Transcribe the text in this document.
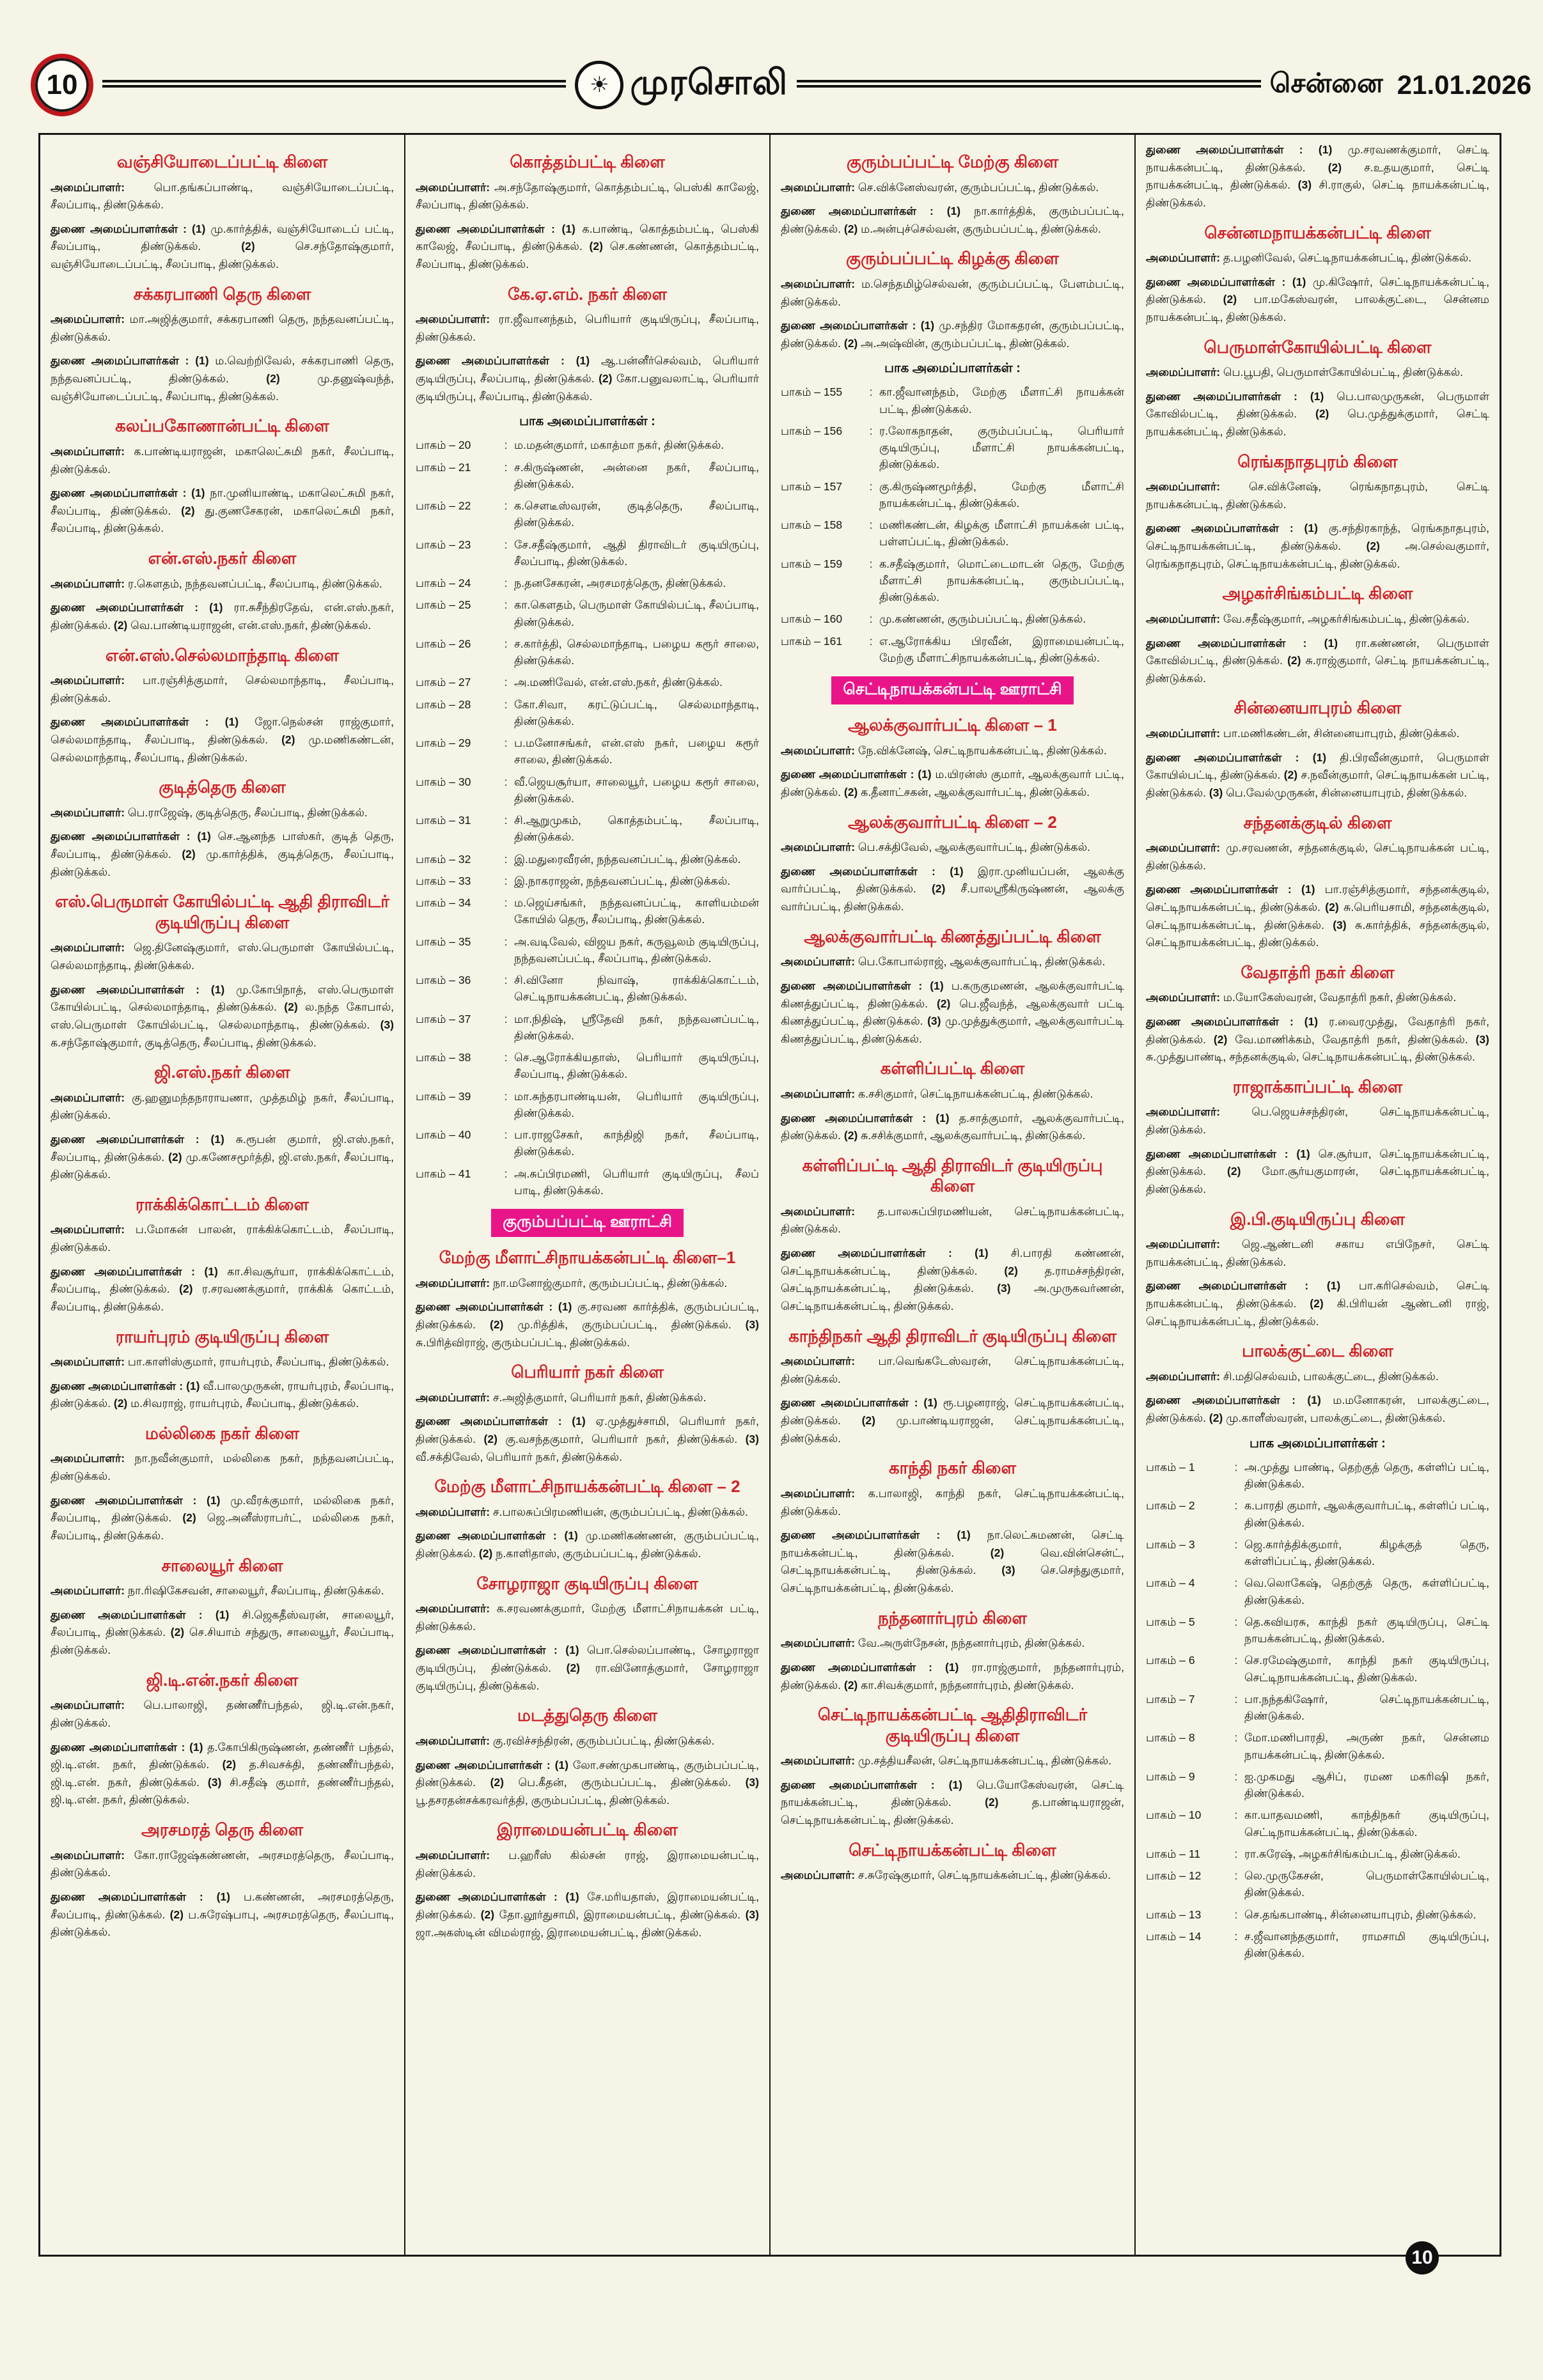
10	☀ முரசொலி	சென்னை 21.01.2026
வஞ்சியோடைப்பட்டி கிளை

அமைப்பாளர்: பொ.தங்கப்பாண்டி, வஞ்சியோடைப்பட்டி, சீலப்பாடி, திண்டுக்கல்.

துணை அமைப்பாளர்கள் : (1) மு.கார்த்திக், வஞ்சியோடைப் பட்டி, சீலப்பாடி, திண்டுக்கல். (2) செ.சந்தோஷ்குமார், வஞ்சியோடைப்பட்டி, சீலப்பாடி, திண்டுக்கல்.

சக்கரபாணி தெரு கிளை

அமைப்பாளர்: மா.அஜித்குமார், சக்கரபாணி தெரு, நந்தவனப்பட்டி, திண்டுக்கல்.

துணை அமைப்பாளர்கள் : (1) ம.வெற்றிவேல், சக்கரபாணி தெரு, நந்தவனப்பட்டி, திண்டுக்கல். (2) மு.தனுஷ்வந்த், வஞ்சியோடைப்பட்டி, சீலப்பாடி, திண்டுக்கல்.

கலப்பகோணான்பட்டி கிளை

அமைப்பாளர்: க.பாண்டியராஜன், மகாலெட்சுமி நகர், சீலப்பாடி, திண்டுக்கல்.

துணை அமைப்பாளர்கள் : (1) நா.முனியாண்டி, மகாலெட்சுமி நகர், சீலப்பாடி, திண்டுக்கல். (2) து.குணசேகரன், மகாலெட்சுமி நகர், சீலப்பாடி, திண்டுக்கல்.

என்.எஸ்.நகர் கிளை

அமைப்பாளர்: ர.கௌதம், நந்தவனப்பட்டி, சீலப்பாடி, திண்டுக்கல்.

துணை அமைப்பாளர்கள் : (1) ரா.சுசீந்திரதேவ், என்.எஸ்.நகர், திண்டுக்கல். (2) வெ.பாண்டியராஜன், என்.எஸ்.நகர், திண்டுக்கல்.

என்.எஸ்.செல்லமாந்தாடி கிளை

அமைப்பாளர்: பா.ரஞ்சித்குமார், செல்லமாந்தாடி, சீலப்பாடி, திண்டுக்கல்.

துணை அமைப்பாளர்கள் : (1) ஜோ.நெல்சன் ராஜ்குமார், செல்லமாந்தாடி, சீலப்பாடி, திண்டுக்கல். (2) மு.மணிகண்டன், செல்லமாந்தாடி, சீலப்பாடி, திண்டுக்கல்.

குடித்தெரு கிளை

அமைப்பாளர்: பெ.ராஜேஷ், குடித்தெரு, சீலப்பாடி, திண்டுக்கல்.

துணை அமைப்பாளர்கள் : (1) செ.ஆனந்த பாஸ்கர், குடித் தெரு, சீலப்பாடி, திண்டுக்கல். (2) மு.கார்த்திக், குடித்தெரு, சீலப்பாடி, திண்டுக்கல்.

எஸ்.பெருமாள் கோயில்பட்டி ஆதி திராவிடர் குடியிருப்பு கிளை

அமைப்பாளர்: ஜெ.தினேஷ்குமார், எஸ்.பெருமாள் கோயில்பட்டி, செல்லமாந்தாடி, திண்டுக்கல்.

துணை அமைப்பாளர்கள் : (1) மு.கோபிநாத், எஸ்.பெருமாள் கோயில்பட்டி, செல்லமாந்தாடி, திண்டுக்கல். (2) ல.நந்த கோபால், எஸ்.பெருமாள் கோயில்பட்டி, செல்லமாந்தாடி, திண்டுக்கல். (3) க.சந்தோஷ்குமார், குடித்தெரு, சீலப்பாடி, திண்டுக்கல்.

ஜி.எஸ்.நகர் கிளை

அமைப்பாளர்: கு.ஹனுமந்தநாராயணா, முத்தமிழ் நகர், சீலப்பாடி, திண்டுக்கல்.

துணை அமைப்பாளர்கள் : (1) சு.ரூபன் குமார், ஜி.எஸ்.நகர், சீலப்பாடி, திண்டுக்கல். (2) மு.கணேசமூர்த்தி, ஜி.எஸ்.நகர், சீலப்பாடி, திண்டுக்கல்.

ராக்கிக்கொட்டம் கிளை

அமைப்பாளர்: ப.மோகன் பாலன், ராக்கிக்கொட்டம், சீலப்பாடி, திண்டுக்கல்.

துணை அமைப்பாளர்கள் : (1) கா.சிவசூர்யா, ராக்கிக்கொட்டம், சீலப்பாடி, திண்டுக்கல். (2) ர.சரவணக்குமார், ராக்கிக் கொட்டம், சீலப்பாடி, திண்டுக்கல்.

ராயர்புரம் குடியிருப்பு கிளை

அமைப்பாளர்: பா.காளிஸ்குமார், ராயர்புரம், சீலப்பாடி, திண்டுக்கல்.

துணை அமைப்பாளர்கள் : (1) வீ.பாலமுருகன், ராயர்புரம், சீலப்பாடி, திண்டுக்கல். (2) ம.சிவராஜ், ராயர்புரம், சீலப்பாடி, திண்டுக்கல்.

மல்லிகை நகர் கிளை

அமைப்பாளர்: நா.நவீன்குமார், மல்லிகை நகர், நந்தவனப்பட்டி, திண்டுக்கல்.

துணை அமைப்பாளர்கள் : (1) மு.வீரக்குமார், மல்லிகை நகர், சீலப்பாடி, திண்டுக்கல். (2) ஜெ.அனீஸ்ராபர்ட், மல்லிகை நகர், சீலப்பாடி, திண்டுக்கல்.

சாலையூர் கிளை

அமைப்பாளர்: நா.ரிஷிகேசவன், சாலையூர், சீலப்பாடி, திண்டுக்கல்.

துணை அமைப்பாளர்கள் : (1) சி.ஜெகதீஸ்வரன், சாலையூர், சீலப்பாடி, திண்டுக்கல். (2) செ.சியாம் சந்துரு, சாலையூர், சீலப்பாடி, திண்டுக்கல்.

ஜி.டி.என்.நகர் கிளை

அமைப்பாளர்: பெ.பாலாஜி, தண்ணீர்பந்தல், ஜி.டி.என்.நகர், திண்டுக்கல்.

துணை அமைப்பாளர்கள் : (1) த.கோபிகிருஷ்ணன், தண்ணீர் பந்தல், ஜி.டி.என். நகர், திண்டுக்கல். (2) த.சிவசக்தி, தண்ணீர்பந்தல், ஜி.டி.என். நகர், திண்டுக்கல். (3) சி.சதீஷ் குமார், தண்ணீர்பந்தல், ஜி.டி.என். நகர், திண்டுக்கல்.

அரசமரத் தெரு கிளை

அமைப்பாளர்: கோ.ராஜேஷ்கண்ணன், அரசமரத்தெரு, சீலப்பாடி, திண்டுக்கல்.

துணை அமைப்பாளர்கள் : (1) ப.கண்ணன், அரசமரத்தெரு, சீலப்பாடி, திண்டுக்கல். (2) ப.சுரேஷ்பாபு, அரசமரத்தெரு, சீலப்பாடி, திண்டுக்கல்.

கொத்தம்பட்டி கிளை

அமைப்பாளர்: அ.சந்தோஷ்குமார், கொத்தம்பட்டி, பெஸ்கி காலேஜ், சீலப்பாடி, திண்டுக்கல்.

துணை அமைப்பாளர்கள் : (1) க.பாண்டி, கொத்தம்பட்டி, பெஸ்கி காலேஜ், சீலப்பாடி, திண்டுக்கல். (2) செ.கண்ணன், கொத்தம்பட்டி, சீலப்பாடி, திண்டுக்கல்.

கே.ஏ.எம். நகர் கிளை

அமைப்பாளர்: ரா.ஜீவானந்தம், பெரியார் குடியிருப்பு, சீலப்பாடி, திண்டுக்கல்.

துணை அமைப்பாளர்கள் : (1) ஆ.பன்னீர்செல்வம், பெரியார் குடியிருப்பு, சீலப்பாடி, திண்டுக்கல். (2) கோ.பனுவலாட்டி, பெரியார் குடியிருப்பு, சீலப்பாடி, திண்டுக்கல்.

பாக அமைப்பாளர்கள் :
பாகம் – 20	: ம.மதன்குமார், மகாத்மா நகர், திண்டுக்கல்.
பாகம் – 21	: ச.கிருஷ்ணன், அன்னை நகர், சீலப்பாடி, திண்டுக்கல்.
பாகம் – 22	: க.சௌடீஸ்வரன், குடித்தெரு, சீலப்பாடி, திண்டுக்கல்.
பாகம் – 23	: சே.சதீஷ்குமார், ஆதி திராவிடர் குடியிருப்பு, சீலப்பாடி, திண்டுக்கல்.
பாகம் – 24	: ந.தனசேகரன், அரசமரத்தெரு, திண்டுக்கல்.
பாகம் – 25	: கா.கௌதம், பெருமாள் கோயில்பட்டி, சீலப்பாடி, திண்டுக்கல்.
பாகம் – 26	: ச.கார்த்தி, செல்லமாந்தாடி, பழைய கரூர் சாலை, திண்டுக்கல்.
பாகம் – 27	: அ.மணிவேல், என்.எஸ்.நகர், திண்டுக்கல்.
பாகம் – 28	: கோ.சிவா, கரட்டுப்பட்டி, செல்லமாந்தாடி, திண்டுக்கல்.
பாகம் – 29	: ப.மனோசங்கர், என்.எஸ் நகர், பழைய கரூர் சாலை, திண்டுக்கல்.
பாகம் – 30	: வீ.ஜெயசூர்யா, சாலையூர், பழைய கரூர் சாலை, திண்டுக்கல்.
பாகம் – 31	: சி.ஆறுமுகம், கொத்தம்பட்டி, சீலப்பாடி, திண்டுக்கல்.
பாகம் – 32	: இ.மதுரைவீரன், நந்தவனப்பட்டி, திண்டுக்கல்.
பாகம் – 33	: இ.நாகராஜன், நந்தவனப்பட்டி, திண்டுக்கல்.
பாகம் – 34	: ம.ஜெய்சங்கர், நந்தவனப்பட்டி, காளியம்மன் கோயில் தெரு, சீலப்பாடி, திண்டுக்கல்.
பாகம் – 35	: அ.வடிவேல், விஜய நகர், கருவூலம் குடியிருப்பு, நந்தவனப்பட்டி, சீலப்பாடி, திண்டுக்கல்.
பாகம் – 36	: சி.வினோ நிவாஷ், ராக்கிக்கொட்டம், செட்டிநாயக்கன்பட்டி, திண்டுக்கல்.
பாகம் – 37	: மா.நிதிஷ், ஸ்ரீதேவி நகர், நந்தவனப்பட்டி, திண்டுக்கல்.
பாகம் – 38	: செ.ஆரோக்கியதாஸ், பெரியார் குடியிருப்பு, சீலப்பாடி, திண்டுக்கல்.
பாகம் – 39	: மா.சுந்தரபாண்டியன், பெரியார் குடியிருப்பு, திண்டுக்கல்.
பாகம் – 40	: பா.ராஜசேகர், காந்திஜி நகர், சீலப்பாடி, திண்டுக்கல்.
பாகம் – 41	: அ.சுப்பிரமணி, பெரியார் குடியிருப்பு, சீலப் பாடி, திண்டுக்கல்.
குரும்பப்பட்டி ஊராட்சி
மேற்கு மீளாட்சிநாயக்கன்பட்டி கிளை–1

அமைப்பாளர்: நா.மனோஜ்குமார், குரும்பப்பட்டி, திண்டுக்கல்.

துணை அமைப்பாளர்கள் : (1) கு.சரவண கார்த்திக், குரும்பப்பட்டி, திண்டுக்கல். (2) மு.ரித்திக், குரும்பப்பட்டி, திண்டுக்கல். (3) சு.பிரித்விராஜ், குரும்பப்பட்டி, திண்டுக்கல்.

பெரியார் நகர் கிளை

அமைப்பாளர்: ச.அஜித்குமார், பெரியார் நகர், திண்டுக்கல்.

துணை அமைப்பாளர்கள் : (1) ஏ.முத்துச்சாமி, பெரியார் நகர், திண்டுக்கல். (2) கு.வசந்தகுமார், பெரியார் நகர், திண்டுக்கல். (3) வீ.சக்திவேல், பெரியார் நகர், திண்டுக்கல்.

மேற்கு மீளாட்சிநாயக்கன்பட்டி கிளை – 2

அமைப்பாளர்: ச.பாலசுப்பிரமணியன், குரும்பப்பட்டி, திண்டுக்கல்.

துணை அமைப்பாளர்கள் : (1) மு.மணிகண்ணன், குரும்பப்பட்டி, திண்டுக்கல். (2) ந.காளிதாஸ், குரும்பப்பட்டி, திண்டுக்கல்.

சோழராஜா குடியிருப்பு கிளை

அமைப்பாளர்: க.சரவணக்குமார், மேற்கு மீளாட்சிநாயக்கன் பட்டி, திண்டுக்கல்.

துணை அமைப்பாளர்கள் : (1) பொ.செல்லப்பாண்டி, சோழராஜா குடியிருப்பு, திண்டுக்கல். (2) ரா.வினோத்குமார், சோழராஜா குடியிருப்பு, திண்டுக்கல்.

மடத்துதெரு கிளை

அமைப்பாளர்: கு.ரவிச்சந்திரன், குரும்பப்பட்டி, திண்டுக்கல்.

துணை அமைப்பாளர்கள் : (1) லோ.சண்முகபாண்டி, குரும்பப்பட்டி, திண்டுக்கல். (2) பெ.கீதன், குரும்பப்பட்டி, திண்டுக்கல். (3) பூ.தசரதன்சக்கரவர்த்தி, குரும்பப்பட்டி, திண்டுக்கல்.

இராமையன்பட்டி கிளை

அமைப்பாளர்: ப.ஹரீஸ் கில்சன் ராஜ், இராமையன்பட்டி, திண்டுக்கல்.

துணை அமைப்பாளர்கள் : (1) சே.மரியதாஸ், இராமையன்பட்டி, திண்டுக்கல். (2) தோ.லூர்துசாமி, இராமையன்பட்டி, திண்டுக்கல். (3) ஜா.அகஸ்டின் விமல்ராஜ், இராமையன்பட்டி, திண்டுக்கல்.

குரும்பப்பட்டி மேற்கு கிளை

அமைப்பாளர்: செ.விக்னேஸ்வரன், குரும்பப்பட்டி, திண்டுக்கல்.

துணை அமைப்பாளர்கள் : (1) நா.கார்த்திக், குரும்பப்பட்டி, திண்டுக்கல். (2) ம.அன்புச்செல்வன், குரும்பப்பட்டி, திண்டுக்கல்.

குரும்பப்பட்டி கிழக்கு கிளை

அமைப்பாளர்: ம.செந்தமிழ்செல்வன், குரும்பப்பட்டி, பேளம்பட்டி, திண்டுக்கல்.

துணை அமைப்பாளர்கள் : (1) மு.சந்திர மோகதரன், குரும்பப்பட்டி, திண்டுக்கல். (2) அ.அஷ்வின், குரும்பப்பட்டி, திண்டுக்கல்.

பாக அமைப்பாளர்கள் :
பாகம் – 155	: கா.ஜீவானந்தம், மேற்கு மீளாட்சி நாயக்கன் பட்டி, திண்டுக்கல்.
பாகம் – 156	: ர.லோகநாதன், குரும்பப்பட்டி, பெரியார் குடியிருப்பு, மீளாட்சி நாயக்கன்பட்டி, திண்டுக்கல்.
பாகம் – 157	: கு.கிருஷ்ணமூர்த்தி, மேற்கு மீளாட்சி நாயக்கன்பட்டி, திண்டுக்கல்.
பாகம் – 158	: மணிகண்டன், கிழக்கு மீளாட்சி நாயக்கன் பட்டி, பள்ளப்பட்டி, திண்டுக்கல்.
பாகம் – 159	: க.சதீஷ்குமார், மொட்டைமாடன் தெரு, மேற்கு மீளாட்சி நாயக்கன்பட்டி, குரும்பப்பட்டி, திண்டுக்கல்.
பாகம் – 160	: மு.கண்ணன், குரும்பப்பட்டி, திண்டுக்கல்.
பாகம் – 161	: எ.ஆரோக்கிய பிரவீன், இராமையன்பட்டி, மேற்கு மீளாட்சிநாயக்கன்பட்டி, திண்டுக்கல்.
செட்டிநாயக்கன்பட்டி ஊராட்சி
ஆலக்குவார்பட்டி கிளை – 1

அமைப்பாளர்: நே.விக்னேஷ், செட்டிநாயக்கன்பட்டி, திண்டுக்கல்.

துணை அமைப்பாளர்கள் : (1) ம.யிரன்ஸ் குமார், ஆலக்குவார் பட்டி, திண்டுக்கல். (2) க.தீனாட்சகன், ஆலக்குவார்பட்டி, திண்டுக்கல்.

ஆலக்குவார்பட்டி கிளை – 2

அமைப்பாளர்: பெ.சக்திவேல், ஆலக்குவார்பட்டி, திண்டுக்கல்.

துணை அமைப்பாளர்கள் : (1) இரா.முனியப்பன், ஆலக்கு வார்ப்பட்டி, திண்டுக்கல். (2) சீ.பாலஸ்ரீகிருஷ்ணன், ஆலக்கு வார்ப்பட்டி, திண்டுக்கல்.

ஆலக்குவார்பட்டி கிணத்துப்பட்டி கிளை

அமைப்பாளர்: பெ.கோபால்ராஜ், ஆலக்குவார்பட்டி, திண்டுக்கல்.

துணை அமைப்பாளர்கள் : (1) ப.கருகுமணன், ஆலக்குவார்பட்டி கிணத்துப்பட்டி, திண்டுக்கல். (2) பெ.ஜீவந்த், ஆலக்குவார் பட்டி கிணத்துப்பட்டி, திண்டுக்கல். (3) மு.முத்துக்குமார், ஆலக்குவார்பட்டி கிணத்துப்பட்டி, திண்டுக்கல்.

கள்ளிப்பட்டி கிளை

அமைப்பாளர்: க.சசிகுமார், செட்டிநாயக்கன்பட்டி, திண்டுக்கல்.

துணை அமைப்பாளர்கள் : (1) த.சாத்குமார், ஆலக்குவார்பட்டி, திண்டுக்கல். (2) சு.சசிக்குமார், ஆலக்குவார்பட்டி, திண்டுக்கல்.

கள்ளிப்பட்டி ஆதி திராவிடர் குடியிருப்பு கிளை

அமைப்பாளர்: த.பாலசுப்பிரமணியன், செட்டிநாயக்கன்பட்டி, திண்டுக்கல்.

துணை அமைப்பாளர்கள் : (1) சி.பாரதி கண்ணன், செட்டிநாயக்கன்பட்டி, திண்டுக்கல். (2) த.ராமச்சந்திரன், செட்டிநாயக்கன்பட்டி, திண்டுக்கல். (3) அ.முருகவர்ணன், செட்டிநாயக்கன்பட்டி, திண்டுக்கல்.

காந்திநகர் ஆதி திராவிடர் குடியிருப்பு கிளை

அமைப்பாளர்: பா.வெங்கடேஸ்வரன், செட்டிநாயக்கன்பட்டி, திண்டுக்கல்.

துணை அமைப்பாளர்கள் : (1) ரூ.பழனராஜ், செட்டிநாயக்கன்பட்டி, திண்டுக்கல். (2) மு.பாண்டியராஜன், செட்டிநாயக்கன்பட்டி, திண்டுக்கல்.

காந்தி நகர் கிளை

அமைப்பாளர்: க.பாலாஜி, காந்தி நகர், செட்டிநாயக்கன்பட்டி, திண்டுக்கல்.

துணை அமைப்பாளர்கள் : (1) நா.லெட்சுமணன், செட்டி நாயக்கன்பட்டி, திண்டுக்கல். (2) வெ.வின்சென்ட், செட்டிநாயக்கன்பட்டி, திண்டுக்கல். (3) செ.செந்துகுமார், செட்டிநாயக்கன்பட்டி, திண்டுக்கல்.

நந்தனார்புரம் கிளை

அமைப்பாளர்: வே.அருள்நேசன், நந்தனார்புரம், திண்டுக்கல்.

துணை அமைப்பாளர்கள் : (1) ரா.ராஜ்குமார், நந்தனார்புரம், திண்டுக்கல். (2) கா.சிவக்குமார், நந்தனார்புரம், திண்டுக்கல்.

செட்டிநாயக்கன்பட்டி ஆதிதிராவிடர் குடியிருப்பு கிளை

அமைப்பாளர்: மு.சத்தியசீலன், செட்டிநாயக்கன்பட்டி, திண்டுக்கல்.

துணை அமைப்பாளர்கள் : (1) பெ.யோகேஸ்வரன், செட்டி நாயக்கன்பட்டி, திண்டுக்கல். (2) த.பாண்டியராஜன், செட்டிநாயக்கன்பட்டி, திண்டுக்கல்.

செட்டிநாயக்கன்பட்டி கிளை

அமைப்பாளர்: ச.சுரேஷ்குமார், செட்டிநாயக்கன்பட்டி, திண்டுக்கல்.

துணை அமைப்பாளர்கள் : (1) மு.சரவணக்குமார், செட்டி நாயக்கன்பட்டி, திண்டுக்கல். (2) ச.உதயகுமார், செட்டி நாயக்கன்பட்டி, திண்டுக்கல். (3) சி.ராகுல், செட்டி நாயக்கன்பட்டி, திண்டுக்கல்.

சென்னமநாயக்கன்பட்டி கிளை

அமைப்பாளர்: த.பழனிவேல், செட்டிநாயக்கன்பட்டி, திண்டுக்கல்.

துணை அமைப்பாளர்கள் : (1) மு.கிஷோர், செட்டிநாயக்கன்பட்டி, திண்டுக்கல். (2) பா.மகேஸ்வரன், பாலக்குட்டை, சென்னம நாயக்கன்பட்டி, திண்டுக்கல்.

பெருமாள்கோயில்பட்டி கிளை

அமைப்பாளர்: பெ.பூபதி, பெருமாள்கோயில்பட்டி, திண்டுக்கல்.

துணை அமைப்பாளர்கள் : (1) பெ.பாலமுருகன், பெருமாள் கோவில்பட்டி, திண்டுக்கல். (2) பெ.முத்துக்குமார், செட்டி நாயக்கன்பட்டி, திண்டுக்கல்.

ரெங்கநாதபுரம் கிளை

அமைப்பாளர்: செ.விக்னேஷ், ரெங்கநாதபுரம், செட்டி நாயக்கன்பட்டி, திண்டுக்கல்.

துணை அமைப்பாளர்கள் : (1) கு.சந்திரகாந்த், ரெங்கநாதபுரம், செட்டிநாயக்கன்பட்டி, திண்டுக்கல். (2) அ.செல்வகுமார், ரெங்கநாதபுரம், செட்டிநாயக்கன்பட்டி, திண்டுக்கல்.

அழகர்சிங்கம்பட்டி கிளை

அமைப்பாளர்: வே.சதீஷ்குமார், அழகர்சிங்கம்பட்டி, திண்டுக்கல்.

துணை அமைப்பாளர்கள் : (1) ரா.கண்ணன், பெருமாள் கோவில்பட்டி, திண்டுக்கல். (2) சு.ராஜ்குமார், செட்டி நாயக்கன்பட்டி, திண்டுக்கல்.

சின்னையாபுரம் கிளை

அமைப்பாளர்: பா.மணிகண்டன், சின்னையாபுரம், திண்டுக்கல்.

துணை அமைப்பாளர்கள் : (1) தி.பிரவீன்குமார், பெருமாள் கோயில்பட்டி, திண்டுக்கல். (2) ச.நவீன்குமார், செட்டிநாயக்கன் பட்டி, திண்டுக்கல். (3) பெ.வேல்முருகன், சின்னையாபுரம், திண்டுக்கல்.

சந்தனக்குடில் கிளை

அமைப்பாளர்: மு.சரவணன், சந்தனக்குடில், செட்டிநாயக்கன் பட்டி, திண்டுக்கல்.

துணை அமைப்பாளர்கள் : (1) பா.ரஞ்சித்குமார், சந்தனக்குடில், செட்டிநாயக்கன்பட்டி, திண்டுக்கல். (2) சு.பெரியசாமி, சந்தனக்குடில், செட்டிநாயக்கன்பட்டி, திண்டுக்கல். (3) சு.கார்த்திக், சந்தனக்குடில், செட்டிநாயக்கன்பட்டி, திண்டுக்கல்.

வேதாத்ரி நகர் கிளை

அமைப்பாளர்: ம.யோகேஸ்வரன், வேதாத்ரி நகர், திண்டுக்கல்.

துணை அமைப்பாளர்கள் : (1) ர.வைரமுத்து, வேதாத்ரி நகர், திண்டுக்கல். (2) வே.மாணிக்கம், வேதாத்ரி நகர், திண்டுக்கல். (3) சு.முத்துபாண்டி, சந்தனக்குடில், செட்டிநாயக்கன்பட்டி, திண்டுக்கல்.

ராஜாக்காப்பட்டி கிளை

அமைப்பாளர்: பெ.ஜெயச்சந்திரன், செட்டிநாயக்கன்பட்டி, திண்டுக்கல்.

துணை அமைப்பாளர்கள் : (1) செ.சூர்யா, செட்டிநாயக்கன்பட்டி, திண்டுக்கல். (2) மோ.சூர்யகுமாரன், செட்டிநாயக்கன்பட்டி, திண்டுக்கல்.

இ.பி.குடியிருப்பு கிளை

அமைப்பாளர்: ஜெ.ஆண்டனி சகாய எபிநேசர், செட்டி நாயக்கன்பட்டி, திண்டுக்கல்.

துணை அமைப்பாளர்கள் : (1) பா.கரிசெல்வம், செட்டி நாயக்கன்பட்டி, திண்டுக்கல். (2) கி.பிரியன் ஆண்டனி ராஜ், செட்டிநாயக்கன்பட்டி, திண்டுக்கல்.

பாலக்குட்டை கிளை

அமைப்பாளர்: சி.மதிசெல்வம், பாலக்குட்டை, திண்டுக்கல்.

துணை அமைப்பாளர்கள் : (1) ம.மனோகரன், பாலக்குட்டை, திண்டுக்கல். (2) மு.காளீஸ்வரன், பாலக்குட்டை, திண்டுக்கல்.

பாக அமைப்பாளர்கள் :
பாகம் – 1	: அ.முத்து பாண்டி, தெற்குத் தெரு, கள்ளிப் பட்டி, திண்டுக்கல்.
பாகம் – 2	: க.பாரதி குமார், ஆலக்குவார்பட்டி, கள்ளிப் பட்டி, திண்டுக்கல்.
பாகம் – 3	: ஜெ.கார்த்திக்குமார், கிழக்குத் தெரு, கள்ளிப்பட்டி, திண்டுக்கல்.
பாகம் – 4	: வெ.லொகேஷ், தெற்குத் தெரு, கள்ளிப்பட்டி, திண்டுக்கல்.
பாகம் – 5	: தெ.கவியரசு, காந்தி நகர் குடியிருப்பு, செட்டி நாயக்கன்பட்டி, திண்டுக்கல்.
பாகம் – 6	: செ.ரமேஷ்குமார், காந்தி நகர் குடியிருப்பு, செட்டிநாயக்கன்பட்டி, திண்டுக்கல்.
பாகம் – 7	: பா.நந்தகிஷோர், செட்டிநாயக்கன்பட்டி, திண்டுக்கல்.
பாகம் – 8	: மோ.மணிபாரதி, அருண் நகர், சென்னம நாயக்கன்பட்டி, திண்டுக்கல்.
பாகம் – 9	: ஐ.முகமது ஆசிப், ரமண மகரிஷி நகர், திண்டுக்கல்.
பாகம் – 10	: கா.யாதவமணி, காந்திநகர் குடியிருப்பு, செட்டிநாயக்கன்பட்டி, திண்டுக்கல்.
பாகம் – 11	: ரா.சுரேஷ், அழகர்சிங்கம்பட்டி, திண்டுக்கல்.
பாகம் – 12	: லெ.முருகேசன், பெருமாள்கோயில்பட்டி, திண்டுக்கல்.
பாகம் – 13	: செ.தங்கபாண்டி, சின்னையாபுரம், திண்டுக்கல்.
பாகம் – 14	: ச.ஜீவானந்தகுமார், ராமசாமி குடியிருப்பு, திண்டுக்கல்.
10
